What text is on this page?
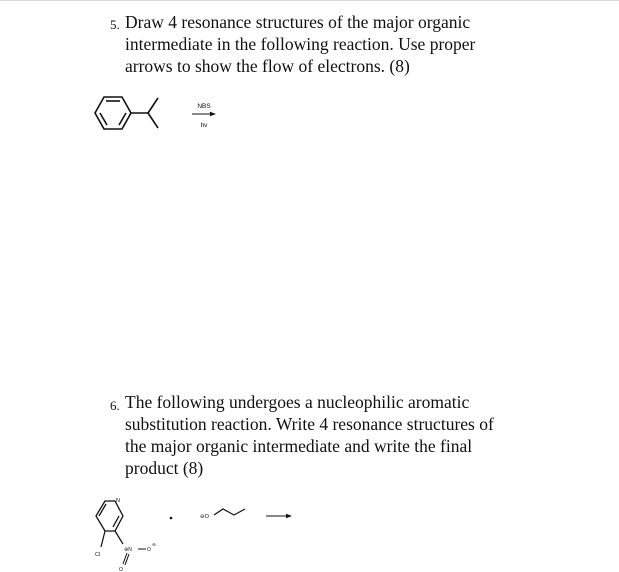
5. Draw 4 resonance structures of the major organic
intermediate in the following reaction. Use proper
arrows to show the flow of electrons. (8)

NBS
hv
6. The following undergoes a nucleophilic aromatic
substitution reaction. Write 4 resonance structures of
the major organic intermediate and write the final
product (8)

N
Cl
⊕N	O
⊖
O
⊖O
